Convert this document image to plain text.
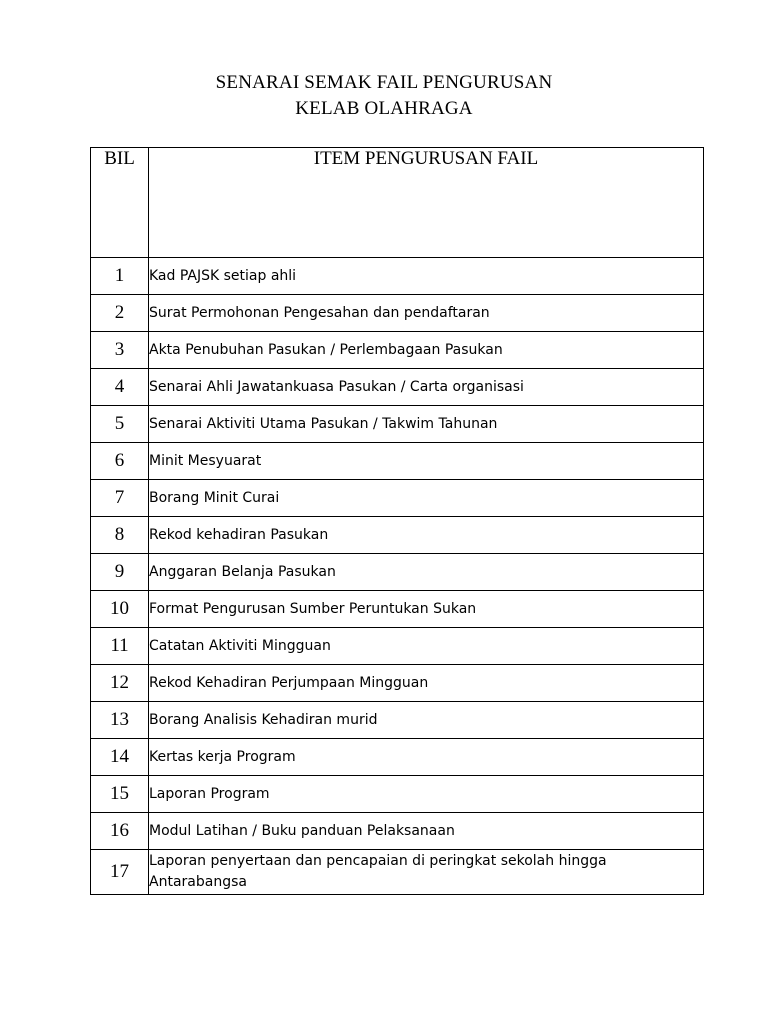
SENARAI SEMAK FAIL PENGURUSAN
KELAB OLAHRAGA
BIL	ITEM PENGURUSAN FAIL
1	Kad PAJSK setiap ahli
2	Surat Permohonan Pengesahan dan pendaftaran
3	Akta Penubuhan Pasukan / Perlembagaan Pasukan
4	Senarai Ahli Jawatankuasa Pasukan / Carta organisasi
5	Senarai Aktiviti Utama Pasukan / Takwim Tahunan
6	Minit Mesyuarat
7	Borang Minit Curai
8	Rekod kehadiran Pasukan
9	Anggaran Belanja Pasukan
10	Format Pengurusan Sumber Peruntukan Sukan
11	Catatan Aktiviti Mingguan
12	Rekod Kehadiran Perjumpaan Mingguan
13	Borang Analisis Kehadiran murid
14	Kertas kerja Program
15	Laporan Program
16	Modul Latihan / Buku panduan Pelaksanaan
17	Laporan penyertaan dan pencapaian di peringkat sekolah hingga Antarabangsa
